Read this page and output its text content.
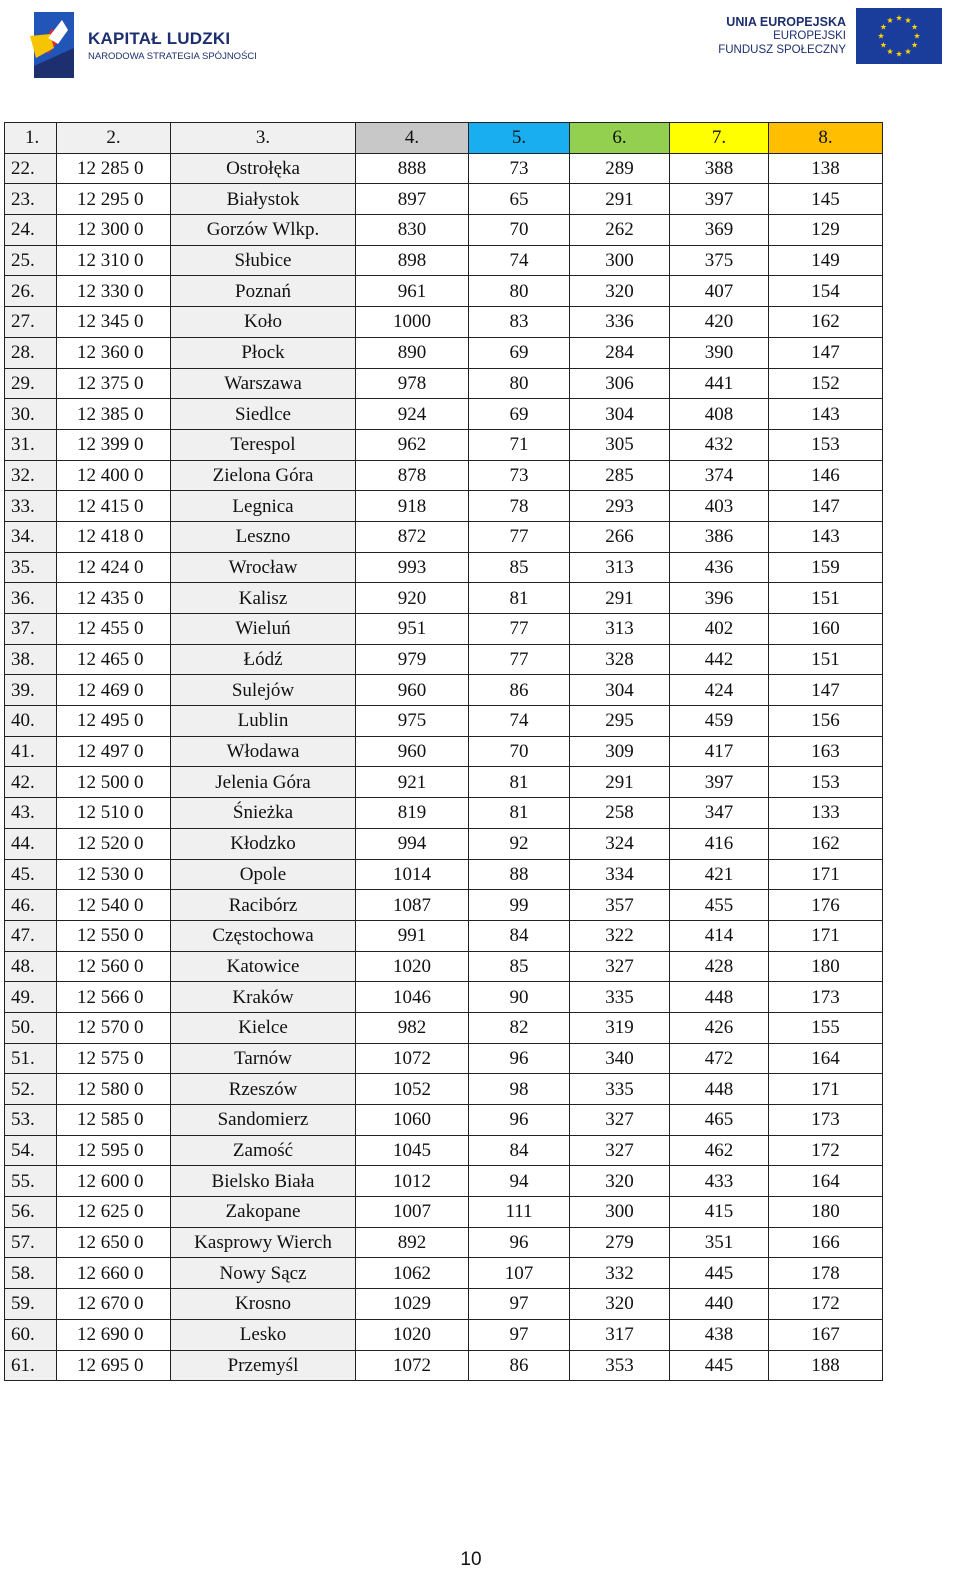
KAPITAŁ LUDZKI
NARODOWA STRATEGIA SPÓJNOŚCI
UNIA EUROPEJSKA
EUROPEJSKI
FUNDUSZ SPOŁECZNY
1.	2.	3.	4.	5.	6.	7.	8.
22.	12 285 0	Ostrołęka	888	73	289	388	138
23.	12 295 0	Białystok	897	65	291	397	145
24.	12 300 0	Gorzów Wlkp.	830	70	262	369	129
25.	12 310 0	Słubice	898	74	300	375	149
26.	12 330 0	Poznań	961	80	320	407	154
27.	12 345 0	Koło	1000	83	336	420	162
28.	12 360 0	Płock	890	69	284	390	147
29.	12 375 0	Warszawa	978	80	306	441	152
30.	12 385 0	Siedlce	924	69	304	408	143
31.	12 399 0	Terespol	962	71	305	432	153
32.	12 400 0	Zielona Góra	878	73	285	374	146
33.	12 415 0	Legnica	918	78	293	403	147
34.	12 418 0	Leszno	872	77	266	386	143
35.	12 424 0	Wrocław	993	85	313	436	159
36.	12 435 0	Kalisz	920	81	291	396	151
37.	12 455 0	Wieluń	951	77	313	402	160
38.	12 465 0	Łódź	979	77	328	442	151
39.	12 469 0	Sulejów	960	86	304	424	147
40.	12 495 0	Lublin	975	74	295	459	156
41.	12 497 0	Włodawa	960	70	309	417	163
42.	12 500 0	Jelenia Góra	921	81	291	397	153
43.	12 510 0	Śnieżka	819	81	258	347	133
44.	12 520 0	Kłodzko	994	92	324	416	162
45.	12 530 0	Opole	1014	88	334	421	171
46.	12 540 0	Racibórz	1087	99	357	455	176
47.	12 550 0	Częstochowa	991	84	322	414	171
48.	12 560 0	Katowice	1020	85	327	428	180
49.	12 566 0	Kraków	1046	90	335	448	173
50.	12 570 0	Kielce	982	82	319	426	155
51.	12 575 0	Tarnów	1072	96	340	472	164
52.	12 580 0	Rzeszów	1052	98	335	448	171
53.	12 585 0	Sandomierz	1060	96	327	465	173
54.	12 595 0	Zamość	1045	84	327	462	172
55.	12 600 0	Bielsko Biała	1012	94	320	433	164
56.	12 625 0	Zakopane	1007	111	300	415	180
57.	12 650 0	Kasprowy Wierch	892	96	279	351	166
58.	12 660 0	Nowy Sącz	1062	107	332	445	178
59.	12 670 0	Krosno	1029	97	320	440	172
60.	12 690 0	Lesko	1020	97	317	438	167
61.	12 695 0	Przemyśl	1072	86	353	445	188
10
